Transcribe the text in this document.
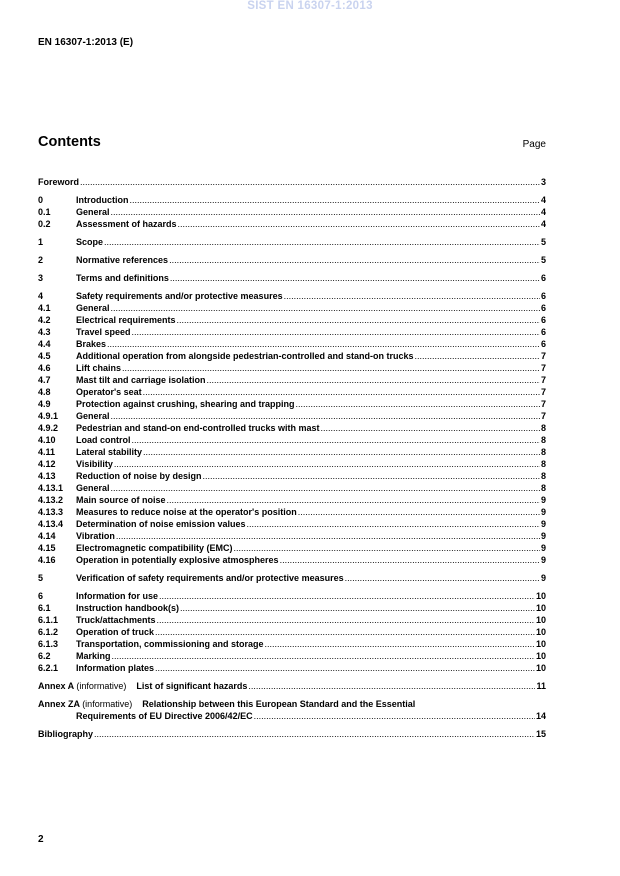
SIST EN 16307-1:2013
EN 16307-1:2013 (E)
Contents	Page
Foreword .....	3
0	Introduction .....	4
0.1	General .....	4
0.2	Assessment of hazards .....	4
1	Scope .....	5
2	Normative references .....	5
3	Terms and definitions .....	6
4	Safety requirements and/or protective measures .....	6
4.1	General .....	6
4.2	Electrical requirements .....	6
4.3	Travel speed .....	6
4.4	Brakes .....	6
4.5	Additional operation from alongside pedestrian-controlled and stand-on trucks .....	7
4.6	Lift chains .....	7
4.7	Mast tilt and carriage isolation .....	7
4.8	Operator's seat .....	7
4.9	Protection against crushing, shearing and trapping .....	7
4.9.1	General .....	7
4.9.2	Pedestrian and stand-on end-controlled trucks with mast .....	8
4.10	Load control .....	8
4.11	Lateral stability .....	8
4.12	Visibility .....	8
4.13	Reduction of noise by design .....	8
4.13.1	General .....	8
4.13.2	Main source of noise .....	9
4.13.3	Measures to reduce noise at the operator's position .....	9
4.13.4	Determination of noise emission values .....	9
4.14	Vibration .....	9
4.15	Electromagnetic compatibility (EMC) .....	9
4.16	Operation in potentially explosive atmospheres .....	9
5	Verification of safety requirements and/or protective measures .....	9
6	Information for use .....	10
6.1	Instruction handbook(s) .....	10
6.1.1	Truck/attachments .....	10
6.1.2	Operation of truck .....	10
6.1.3	Transportation, commissioning and storage .....	10
6.2	Marking .....	10
6.2.1	Information plates .....	10
Annex A (informative) List of significant hazards .....	11
Annex ZA (informative) Relationship between this European Standard and the Essential
Requirements of EU Directive 2006/42/EC .....	14
Bibliography .....	15
2
